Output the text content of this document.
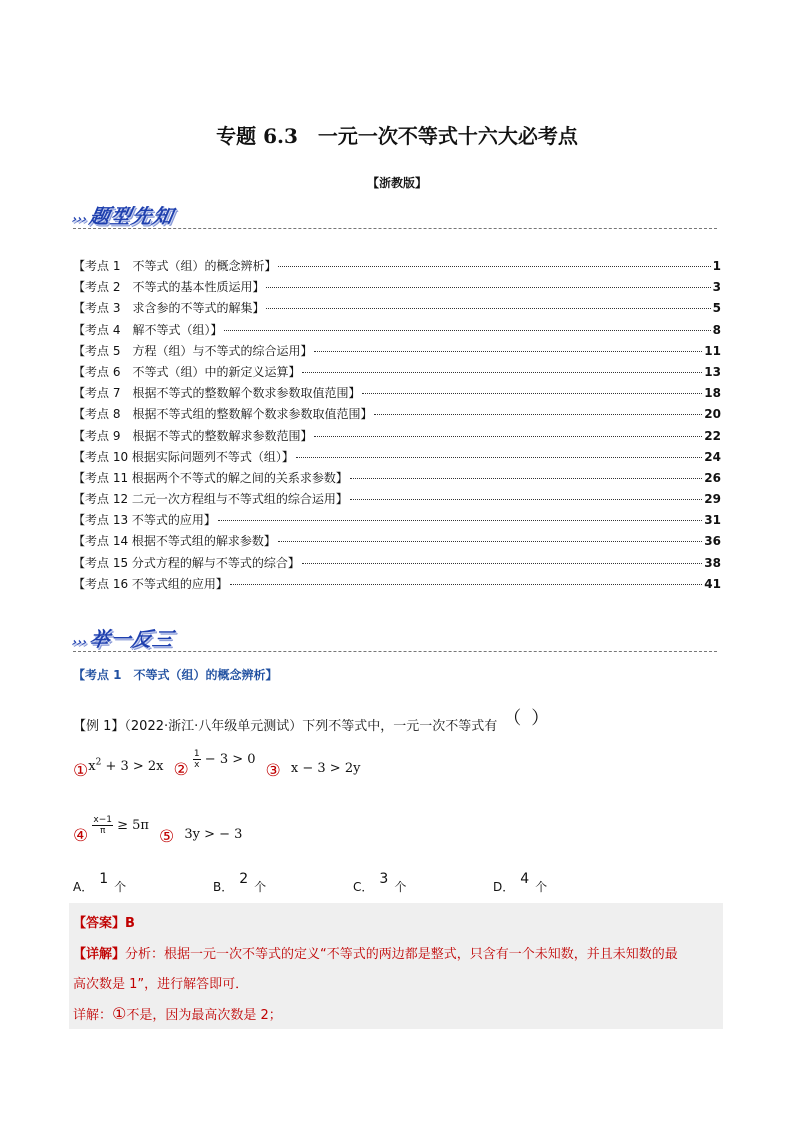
专题 6.3　一元一次不等式十六大必考点
【浙教版】
›››题型先知
【考点 1　不等式（组）的概念辨析】	1
【考点 2　不等式的基本性质运用】	3
【考点 3　求含参的不等式的解集】	5
【考点 4　解不等式（组）】	8
【考点 5　方程（组）与不等式的综合运用】	11
【考点 6　不等式（组）中的新定义运算】	13
【考点 7　根据不等式的整数解个数求参数取值范围】	18
【考点 8　根据不等式组的整数解个数求参数取值范围】	20
【考点 9　根据不等式的整数解求参数范围】	22
【考点 10 根据实际问题列不等式（组）】	24
【考点 11 根据两个不等式的解之间的关系求参数】	26
【考点 12 二元一次方程组与不等式组的综合运用】	29
【考点 13 不等式的应用】	31
【考点 14 根据不等式组的解求参数】	36
【考点 15 分式方程的解与不等式的综合】	38
【考点 16 不等式组的应用】	41
›››举一反三
【考点 1　不等式（组）的概念辨析】
【例 1】（2022·浙江·八年级单元测试）下列不等式中，一元一次不等式有 （）
$①x^2 + 3 > 2x$ ② $\frac{1}{x} - 3 > 0$
③ x − 3 > 2y
④ $\frac{x-1}{\pi} \ge 5\pi$
⑤ 3y > − 3
A． 1 个	B． 2 个	C． 3 个	D． 4 个
【答案】B
【详解】分析：根据一元一次不等式的定义“不等式的两边都是整式，只含有一个未知数，并且未知数的最
高次数是 1”，进行解答即可．
详解：①不是，因为最高次数是 2；
